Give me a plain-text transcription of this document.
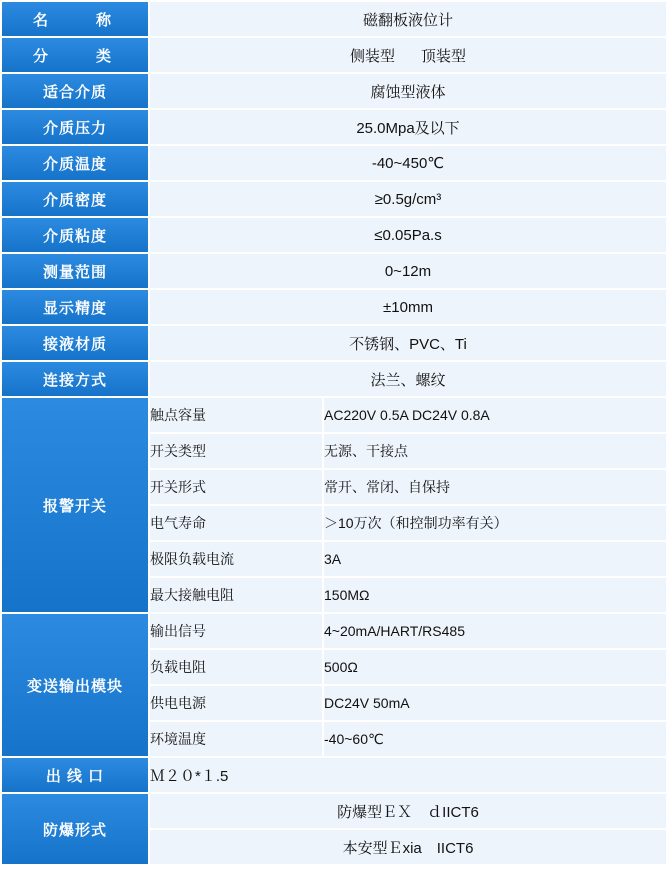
名　　称	磁翻板液位计	
分　　类	侧装型 顶装型	
适合介质	腐蚀型液体	
介质压力	25.0Mpa及以下	
介质温度	-40~450℃	
介质密度	≥0.5g/cm³	
介质粘度	≤0.05Pa.s	
测量范围	0~12m	
显示精度	±10mm	
接液材质	不锈钢、PVC、Ti	
连接方式	法兰、螺纹	
报警开关	触点容量	AC220V 0.5A DC24V 0.8A
	开关类型	无源、干接点
	开关形式	常开、常闭、自保持
	电气寿命	＞10万次（和控制功率有关）
	极限负载电流	3A
	最大接触电阻	150MΩ
变送输出模块	输出信号	4~20mA/HART/RS485
	负载电阻	500Ω
	供电电源	DC24V 50mA
	环境温度	-40~60℃
出 线 口	Ｍ２０*１.5	
防爆形式	防爆型ＥＸ　ｄIICT6	
	本安型Ｅxia　IICT6	
